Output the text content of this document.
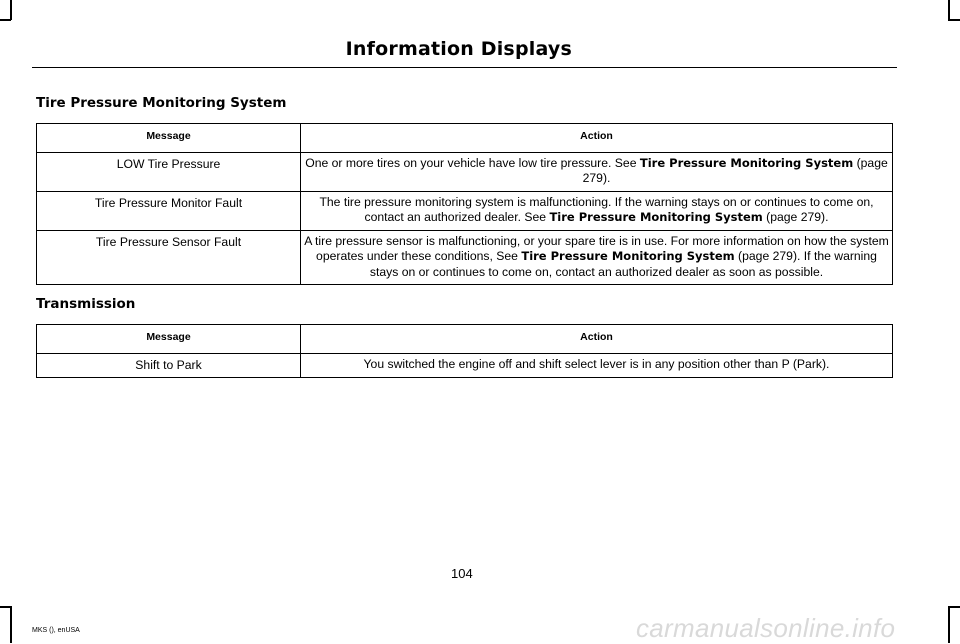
Information Displays
Tire Pressure Monitoring System
Message	Action
LOW Tire Pressure	One or more tires on your vehicle have low tire pressure. See Tire Pressure Monitoring System (page 279).
Tire Pressure Monitor Fault	The tire pressure monitoring system is malfunctioning. If the warning stays on or continues to come on, contact an authorized dealer. See Tire Pressure Monitoring System (page 279).
Tire Pressure Sensor Fault	A tire pressure sensor is malfunctioning, or your spare tire is in use. For more information on how the system operates under these conditions, See Tire Pressure Monitoring System (page 279). If the warning stays on or continues to come on, contact an authorized dealer as soon as possible.
Transmission
Message	Action
Shift to Park	You switched the engine off and shift select lever is in any position other than P (Park).
104
MKS (), enUSA	carmanualsonline.info
